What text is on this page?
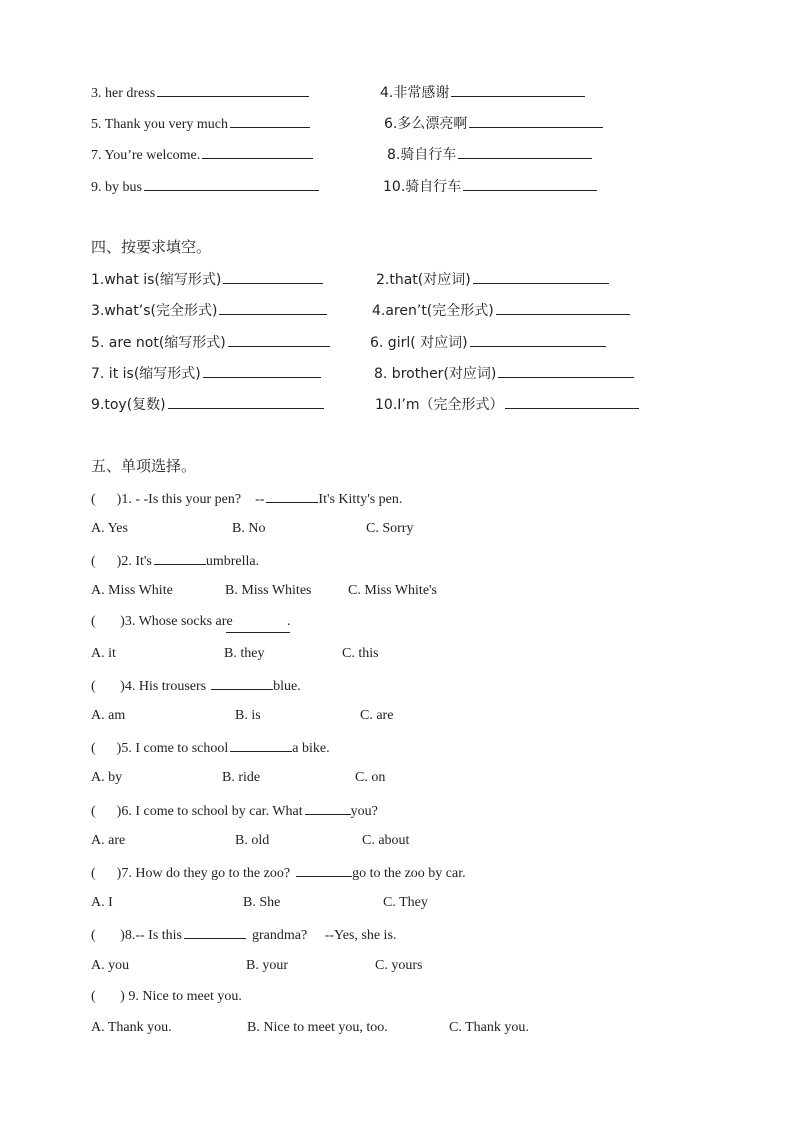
3. her dress	4.非常感谢
5. Thank you very much	6.多么漂亮啊
7. You’re welcome.	8.骑自行车
9. by bus	10.骑自行车
四、按要求填空。
1.what is(缩写形式)	2.that(对应词)
3.what’s(完全形式)	4.aren’t(完全形式)
5. are not(缩写形式)	6. girl( 对应词)
7. it is(缩写形式)	8. brother(对应词)
9.toy(复数)	10.I’m（完全形式）
五、单项选择。
(      )1. - -Is this your pen?    --	It's Kitty's pen.
A. Yes	B. No	C. Sorry
(      )2. It's	umbrella.
A. Miss White	B. Miss Whites	C. Miss White's
(       )3. Whose socks are	.
A. it	B. they	C. this
(       )4. His trousers	blue.
A. am	B. is	C. are
(      )5. I come to school	a bike.
A. by	B. ride	C. on
(      )6. I come to school by car. What	you?
A. are	B. old	C. about
(      )7. How do they go to the zoo?	go to the zoo by car.
A. I	B. She	C. They
(       )8.-- Is this	grandma?     --Yes, she is.
A. you	B. your	C. yours
(       ) 9. Nice to meet you.
A. Thank you.	B. Nice to meet you, too.	C. Thank you.
